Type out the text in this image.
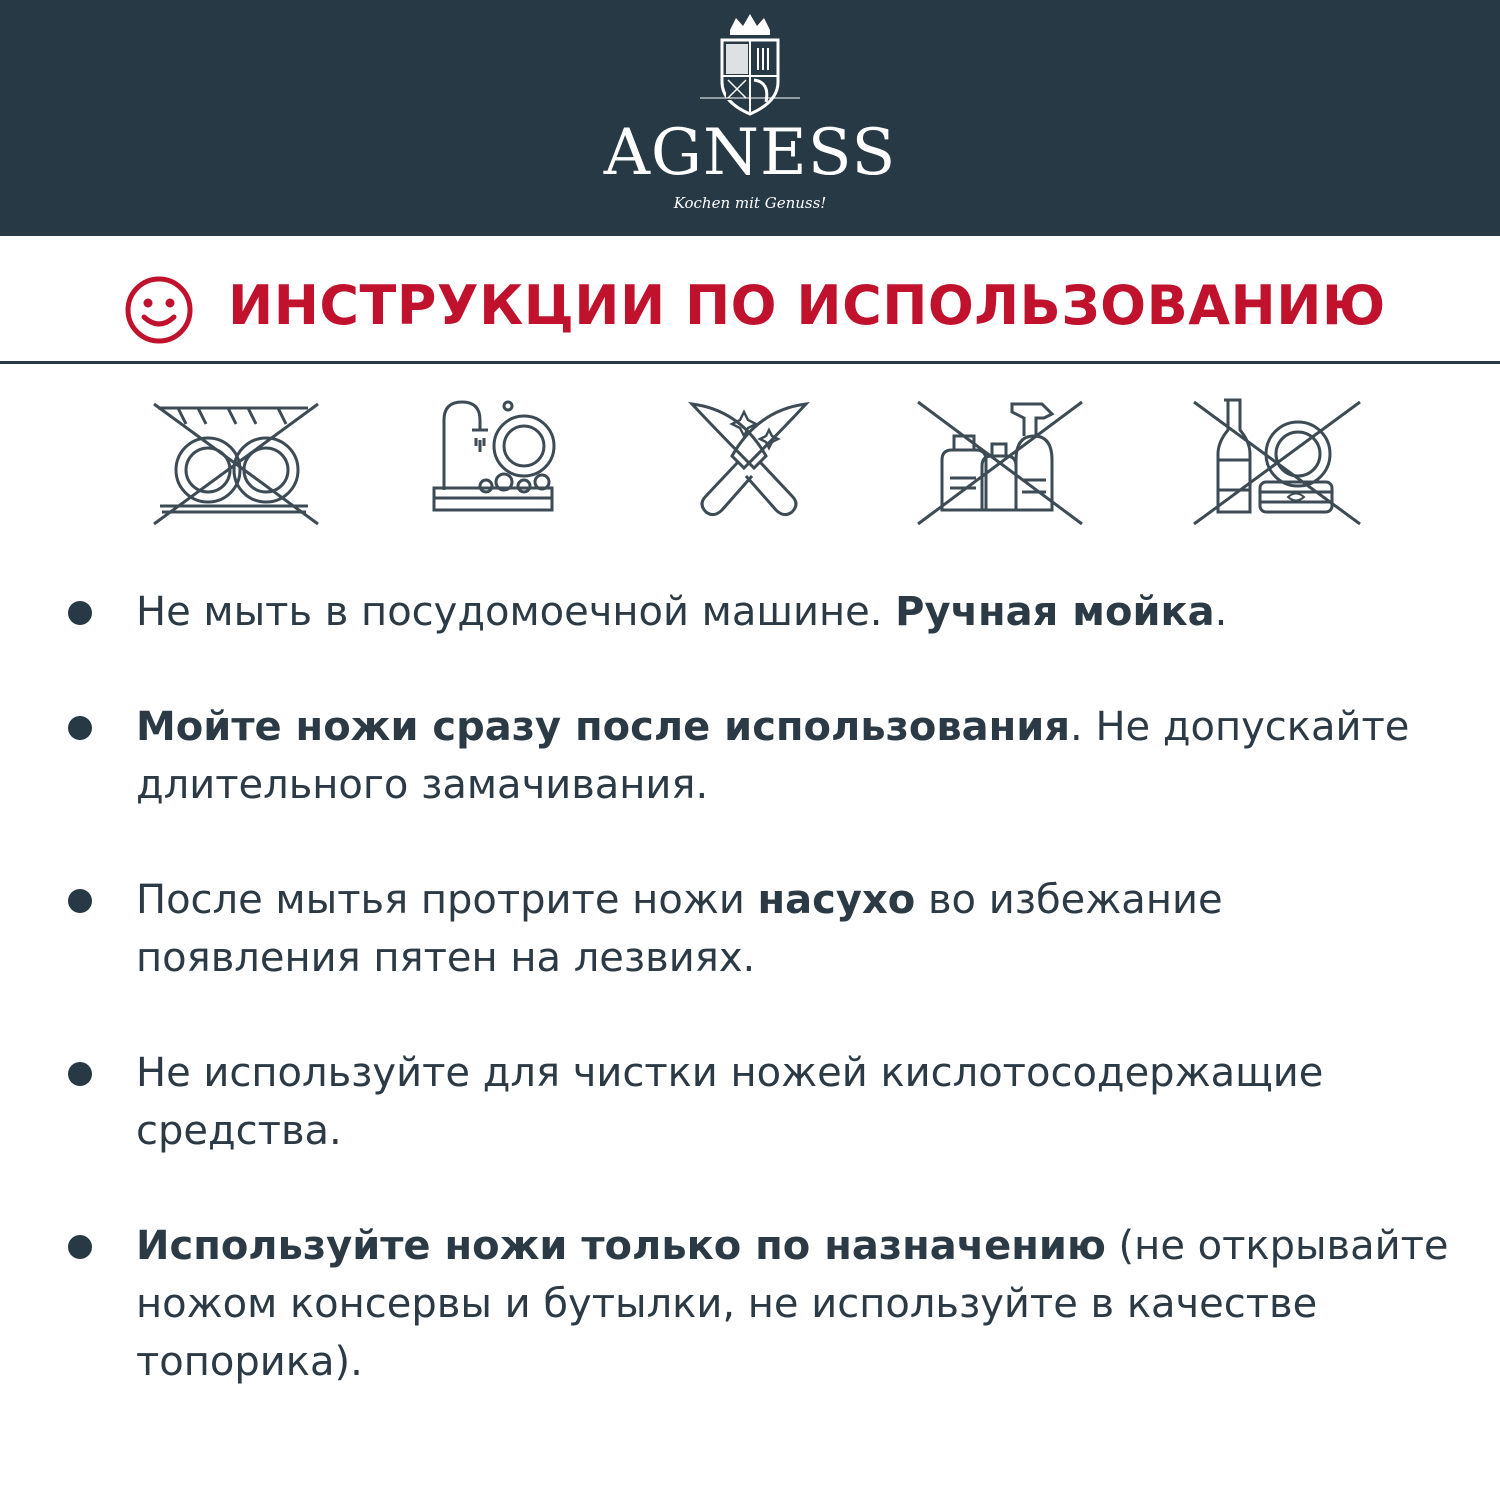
AGNESS
Kochen mit Genuss!
ИНСТРУКЦИИ ПО ИСПОЛЬЗОВАНИЮ
Не мыть в посудомоечной машине. Ручная мойка.
Мойте ножи сразу после использования. Не допускайте
длительного замачивания.
После мытья протрите ножи насухо во избежание
появления пятен на лезвиях.
Не используйте для чистки ножей кислотосодержащие
средства.
Используйте ножи только по назначению (не открывайте
ножом консервы и бутылки, не используйте в качестве
топорика).
